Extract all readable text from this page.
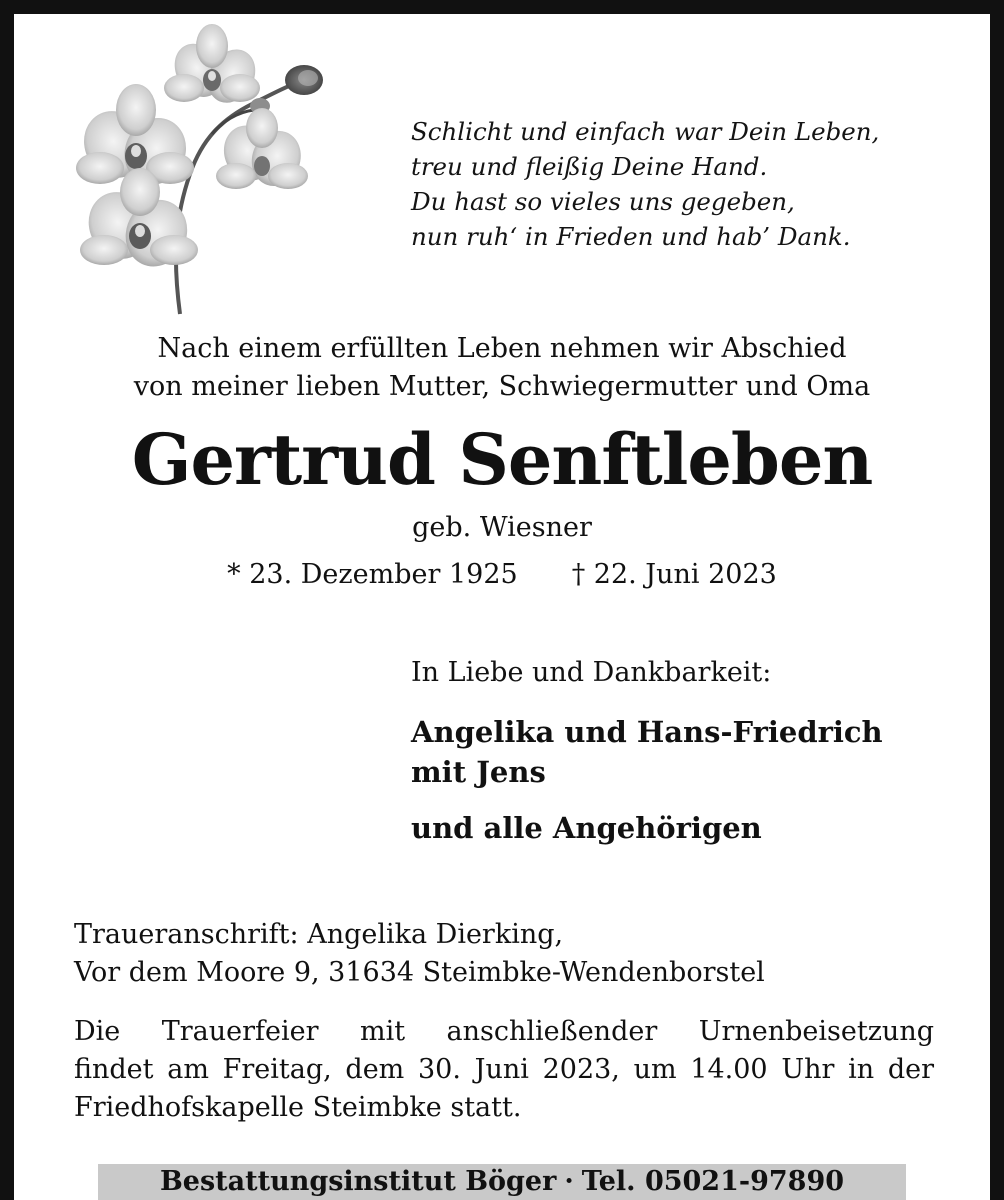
Schlicht und einfach war Dein Leben,
treu und fleißig Deine Hand.
Du hast so vieles uns gegeben,
nun ruh‘ in Frieden und hab’ Dank.
Nach einem erfüllten Leben nehmen wir Abschied
von meiner lieben Mutter, Schwiegermutter und Oma
Gertrud Senftleben
geb. Wiesner
* 23. Dezember 1925 † 22. Juni 2023
In Liebe und Dankbarkeit:
Angelika und Hans-Friedrich
mit Jens
und alle Angehörigen
Traueranschrift: Angelika Dierking,
Vor dem Moore 9, 31634 Steimbke-Wendenborstel
Die Trauerfeier mit anschließender Urnenbeisetzung
findet am Freitag, dem 30. Juni 2023, um 14.00 Uhr in der
Friedhofskapelle Steimbke statt.
Bestattungsinstitut Böger · Tel. 05021-97890
